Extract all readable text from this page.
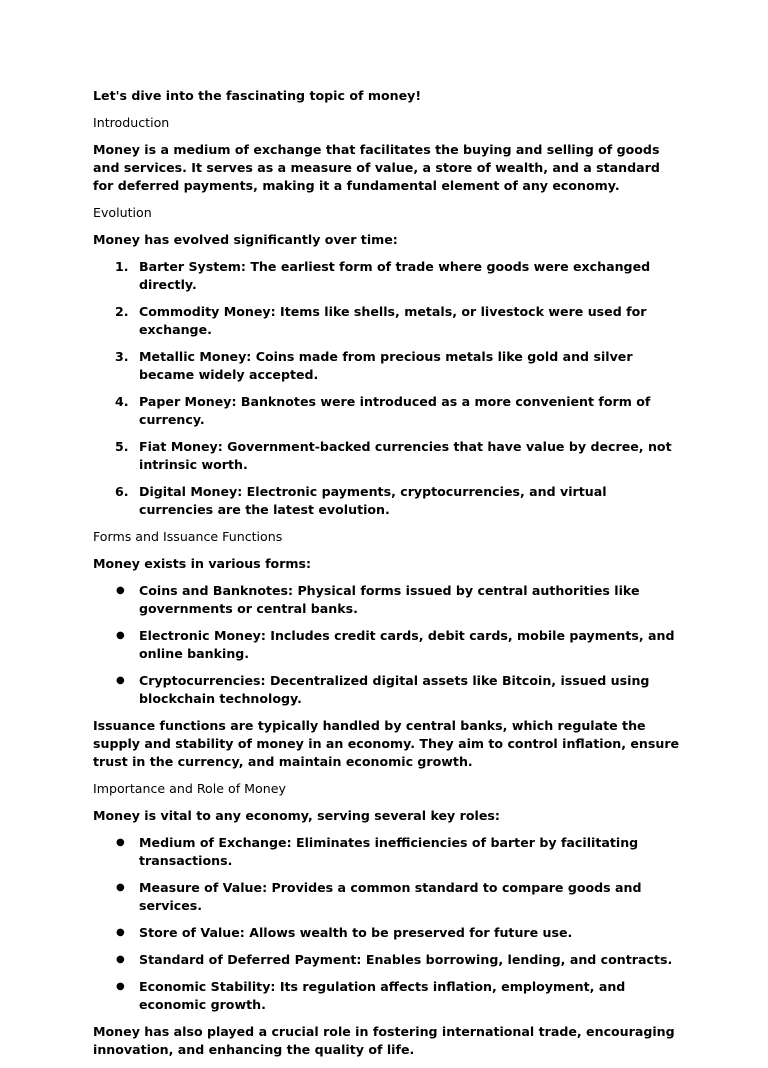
Let's dive into the fascinating topic of money!

Introduction

Money is a medium of exchange that facilitates the buying and selling of goods and services. It serves as a measure of value, a store of wealth, and a standard for deferred payments, making it a fundamental element of any economy.

Evolution

Money has evolved significantly over time:

1. Barter System: The earliest form of trade where goods were exchanged directly.
2. Commodity Money: Items like shells, metals, or livestock were used for exchange.
3. Metallic Money: Coins made from precious metals like gold and silver became widely accepted.
4. Paper Money: Banknotes were introduced as a more convenient form of currency.
5. Fiat Money: Government-backed currencies that have value by decree, not intrinsic worth.
6. Digital Money: Electronic payments, cryptocurrencies, and virtual currencies are the latest evolution.

Forms and Issuance Functions

Money exists in various forms:

●	Coins and Banknotes: Physical forms issued by central authorities like governments or central banks.
●	Electronic Money: Includes credit cards, debit cards, mobile payments, and online banking.
●	Cryptocurrencies: Decentralized digital assets like Bitcoin, issued using blockchain technology.

Issuance functions are typically handled by central banks, which regulate the supply and stability of money in an economy. They aim to control inflation, ensure trust in the currency, and maintain economic growth.

Importance and Role of Money

Money is vital to any economy, serving several key roles:

●	Medium of Exchange: Eliminates inefficiencies of barter by facilitating transactions.
●	Measure of Value: Provides a common standard to compare goods and services.
●	Store of Value: Allows wealth to be preserved for future use.
●	Standard of Deferred Payment: Enables borrowing, lending, and contracts.
●	Economic Stability: Its regulation affects inflation, employment, and economic growth.

Money has also played a crucial role in fostering international trade, encouraging innovation, and enhancing the quality of life.
